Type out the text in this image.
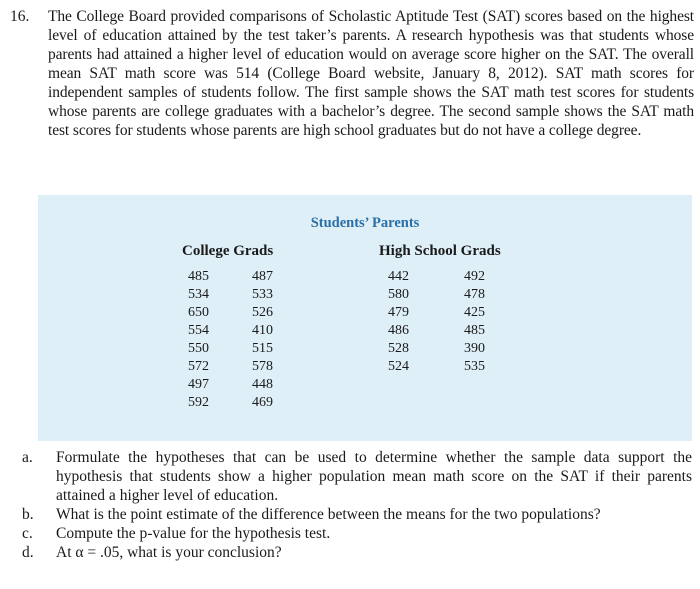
16. The College Board provided comparisons of Scholastic Aptitude Test (SAT) scores based on the highest level of education attained by the test taker’s parents. A research hypothesis was that students whose parents had attained a higher level of education would on average score higher on the SAT. The overall mean SAT math score was 514 (College Board website, January 8, 2012). SAT math scores for independent samples of students follow. The first sample shows the SAT math test scores for students whose parents are college graduates with a bachelor’s degree. The second sample shows the SAT math test scores for students whose parents are high school graduates but do not have a college degree.
Students’ Parents
College Grads	High School Grads
485
534
650
554
550
572
497
592
487
533
526
410
515
578
448
469
442
580
479
486
528
524
492
478
425
485
390
535
a. Formulate the hypotheses that can be used to determine whether the sample data support the hypothesis that students show a higher population mean math score on the SAT if their parents attained a higher level of education.
b. What is the point estimate of the difference between the means for the two populations?
c. Compute the p-value for the hypothesis test.
d. At α = .05, what is your conclusion?
